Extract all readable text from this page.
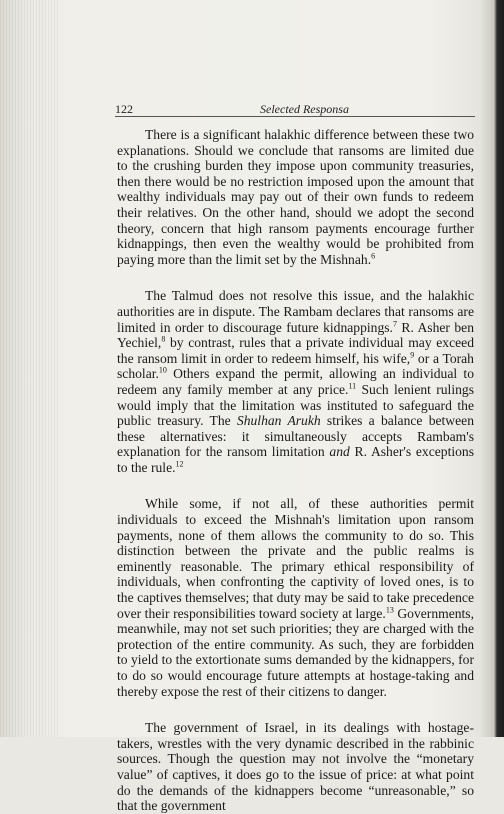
122	Selected Responsa

There is a significant halakhic difference between these two explanations. Should we conclude that ransoms are limited due to the crushing burden they impose upon community treasuries, then there would be no restriction imposed upon the amount that wealthy individuals may pay out of their own funds to redeem their relatives. On the other hand, should we adopt the second theory, concern that high ransom payments encourage further kidnappings, then even the wealthy would be prohibited from paying more than the limit set by the Mishnah.$^6$

The Talmud does not resolve this issue, and the halakhic authorities are in dispute. The Rambam declares that ransoms are limited in order to discourage future kidnappings.$^7$ R. Asher ben Yechiel,$^8$ by contrast, rules that a private individual may exceed the ransom limit in order to redeem himself, his wife,$^9$ or a Torah scholar.$^{10}$ Others expand the permit, allowing an individual to redeem any family member at any price.$^{11}$ Such lenient rulings would imply that the limitation was instituted to safeguard the public treasury. The Shulhan Arukh strikes a balance between these alternatives: it simultaneously accepts Rambam's explanation for the ransom limitation and R. Asher's exceptions to the rule.$^{12}$

While some, if not all, of these authorities permit individuals to exceed the Mishnah's limitation upon ransom payments, none of them allows the community to do so. This distinction between the private and the public realms is eminently reasonable. The primary ethical responsibility of individuals, when confronting the captivity of loved ones, is to the captives themselves; that duty may be said to take precedence over their responsibilities toward society at large.$^{13}$ Governments, meanwhile, may not set such priorities; they are charged with the protection of the entire community. As such, they are forbidden to yield to the extortionate sums demanded by the kidnappers, for to do so would encourage future attempts at hostage-taking and thereby expose the rest of their citizens to danger.

The government of Israel, in its dealings with hostage-takers, wrestles with the very dynamic described in the rabbinic sources. Though the question may not involve the “monetary value” of captives, it does go to the issue of price: at what point do the demands of the kidnappers become “unreasonable,” so that the government
